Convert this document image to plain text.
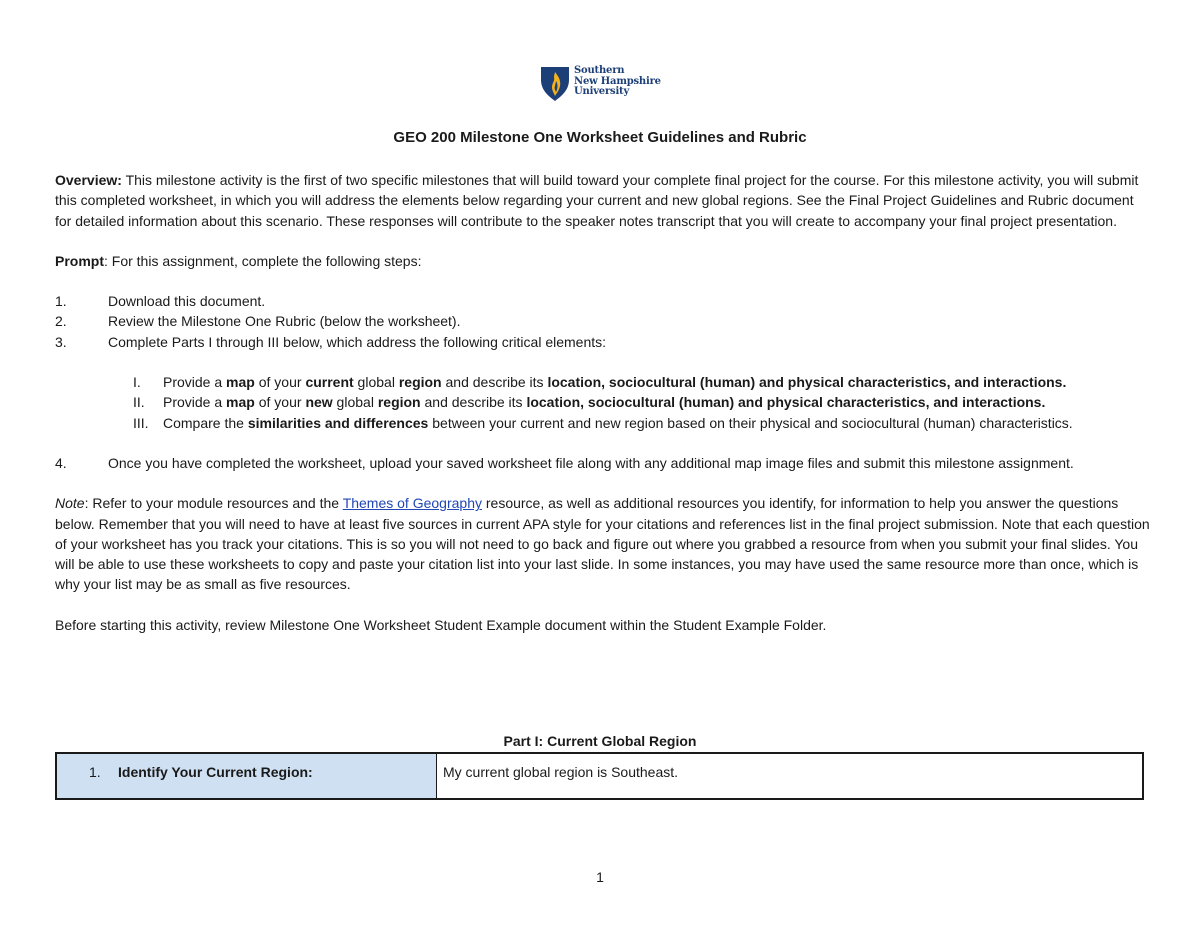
Southern
New Hampshire
University
GEO 200 Milestone One Worksheet Guidelines and Rubric

Overview: This milestone activity is the first of two specific milestones that will build toward your complete final project for the course. For this milestone activity, you will submit this completed worksheet, in which you will address the elements below regarding your current and new global regions. See the Final Project Guidelines and Rubric document for detailed information about this scenario. These responses will contribute to the speaker notes transcript that you will create to accompany your final project presentation.

Prompt: For this assignment, complete the following steps:

1.	Download this document.
2.	Review the Milestone One Rubric (below the worksheet).
3.	Complete Parts I through III below, which address the following critical elements:
I.	Provide a map of your current global region and describe its location, sociocultural (human) and physical characteristics, and interactions.
II.	Provide a map of your new global region and describe its location, sociocultural (human) and physical characteristics, and interactions.
III.	Compare the similarities and differences between your current and new region based on their physical and sociocultural (human) characteristics.
4.	Once you have completed the worksheet, upload your saved worksheet file along with any additional map image files and submit this milestone assignment.

Note: Refer to your module resources and the Themes of Geography resource, as well as additional resources you identify, for information to help you answer the questions below. Remember that you will need to have at least five sources in current APA style for your citations and references list in the final project submission. Note that each question of your worksheet has you track your citations. This is so you will not need to go back and figure out where you grabbed a resource from when you submit your final slides. You will be able to use these worksheets to copy and paste your citation list into your last slide. In some instances, you may have used the same resource more than once, which is why your list may be as small as five resources.

Before starting this activity, review Milestone One Worksheet Student Example document within the Student Example Folder.

Part I: Current Global Region
1. Identify Your Current Region:	My current global region is Southeast.
1
